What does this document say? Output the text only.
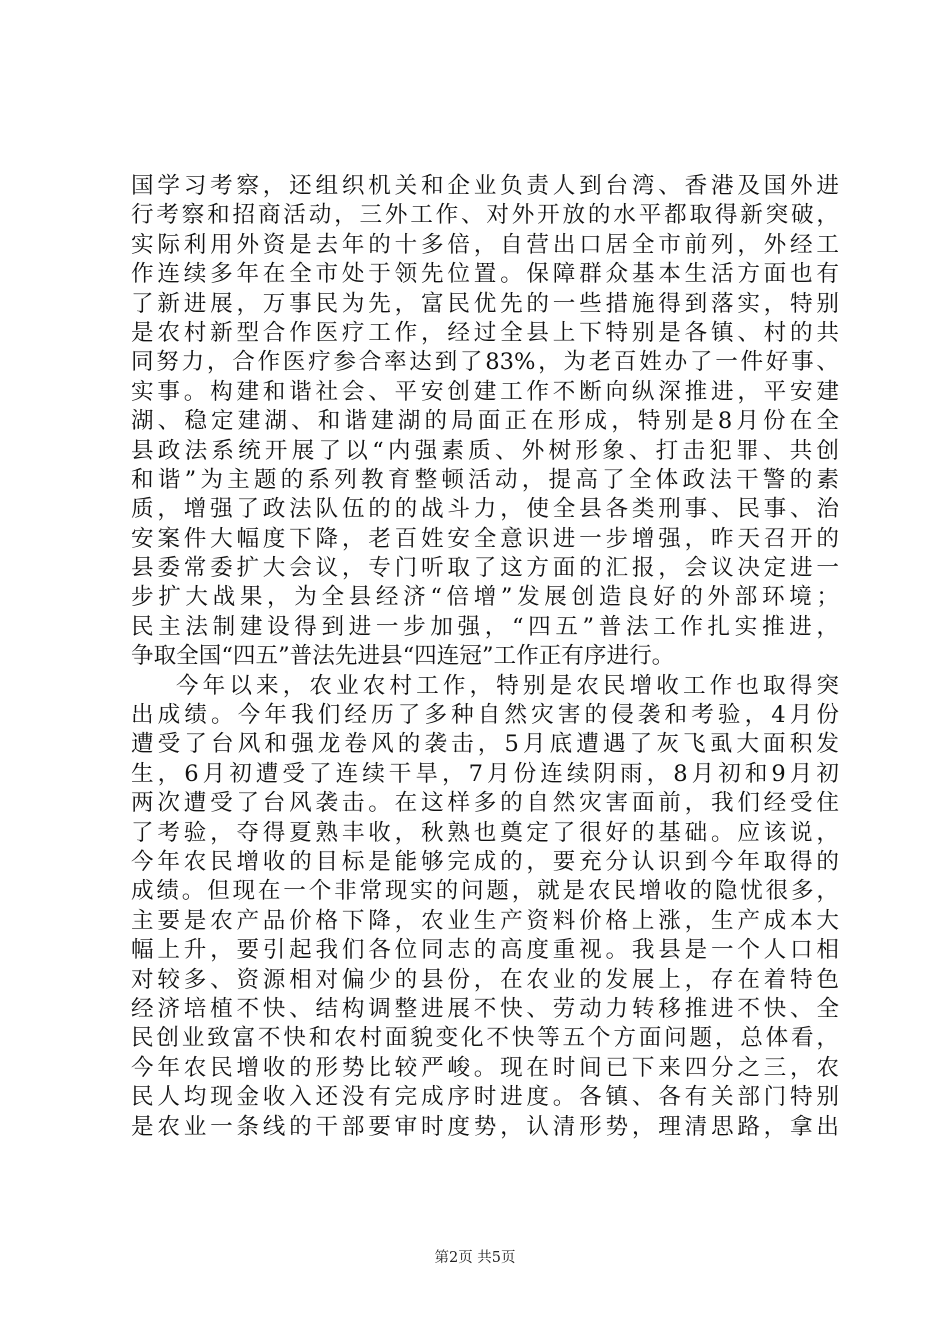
国学习考察，还组织机关和企业负责人到台湾、香港及国外进
行考察和招商活动，三外工作、对外开放的水平都取得新突破，
实际利用外资是去年的十多倍，自营出口居全市前列，外经工
作连续多年在全市处于领先位置。保障群众基本生活方面也有
了新进展，万事民为先，富民优先的一些措施得到落实，特别
是农村新型合作医疗工作，经过全县上下特别是各镇、村的共
同努力，合作医疗参合率达到了83%，为老百姓办了一件好事、
实事。构建和谐社会、平安创建工作不断向纵深推进，平安建
湖、稳定建湖、和谐建湖的局面正在形成，特别是8月份在全
县政法系统开展了以“内强素质、外树形象、打击犯罪、共创
和谐”为主题的系列教育整顿活动，提高了全体政法干警的素
质，增强了政法队伍的的战斗力，使全县各类刑事、民事、治
安案件大幅度下降，老百姓安全意识进一步增强，昨天召开的
县委常委扩大会议，专门听取了这方面的汇报，会议决定进一
步扩大战果，为全县经济“倍增”发展创造良好的外部环境；
民主法制建设得到进一步加强，“四五”普法工作扎实推进，
争取全国“四五”普法先进县“四连冠”工作正有序进行。
今年以来，农业农村工作，特别是农民增收工作也取得突
出成绩。今年我们经历了多种自然灾害的侵袭和考验，4月份
遭受了台风和强龙卷风的袭击，5月底遭遇了灰飞虱大面积发
生，6月初遭受了连续干旱，7月份连续阴雨，8月初和9月初
两次遭受了台风袭击。在这样多的自然灾害面前，我们经受住
了考验，夺得夏熟丰收，秋熟也奠定了很好的基础。应该说，
今年农民增收的目标是能够完成的，要充分认识到今年取得的
成绩。但现在一个非常现实的问题，就是农民增收的隐忧很多，
主要是农产品价格下降，农业生产资料价格上涨，生产成本大
幅上升，要引起我们各位同志的高度重视。我县是一个人口相
对较多、资源相对偏少的县份，在农业的发展上，存在着特色
经济培植不快、结构调整进展不快、劳动力转移推进不快、全
民创业致富不快和农村面貌变化不快等五个方面问题，总体看，
今年农民增收的形势比较严峻。现在时间已下来四分之三，农
民人均现金收入还没有完成序时进度。各镇、各有关部门特别
是农业一条线的干部要审时度势，认清形势，理清思路，拿出
第2页 共5页
